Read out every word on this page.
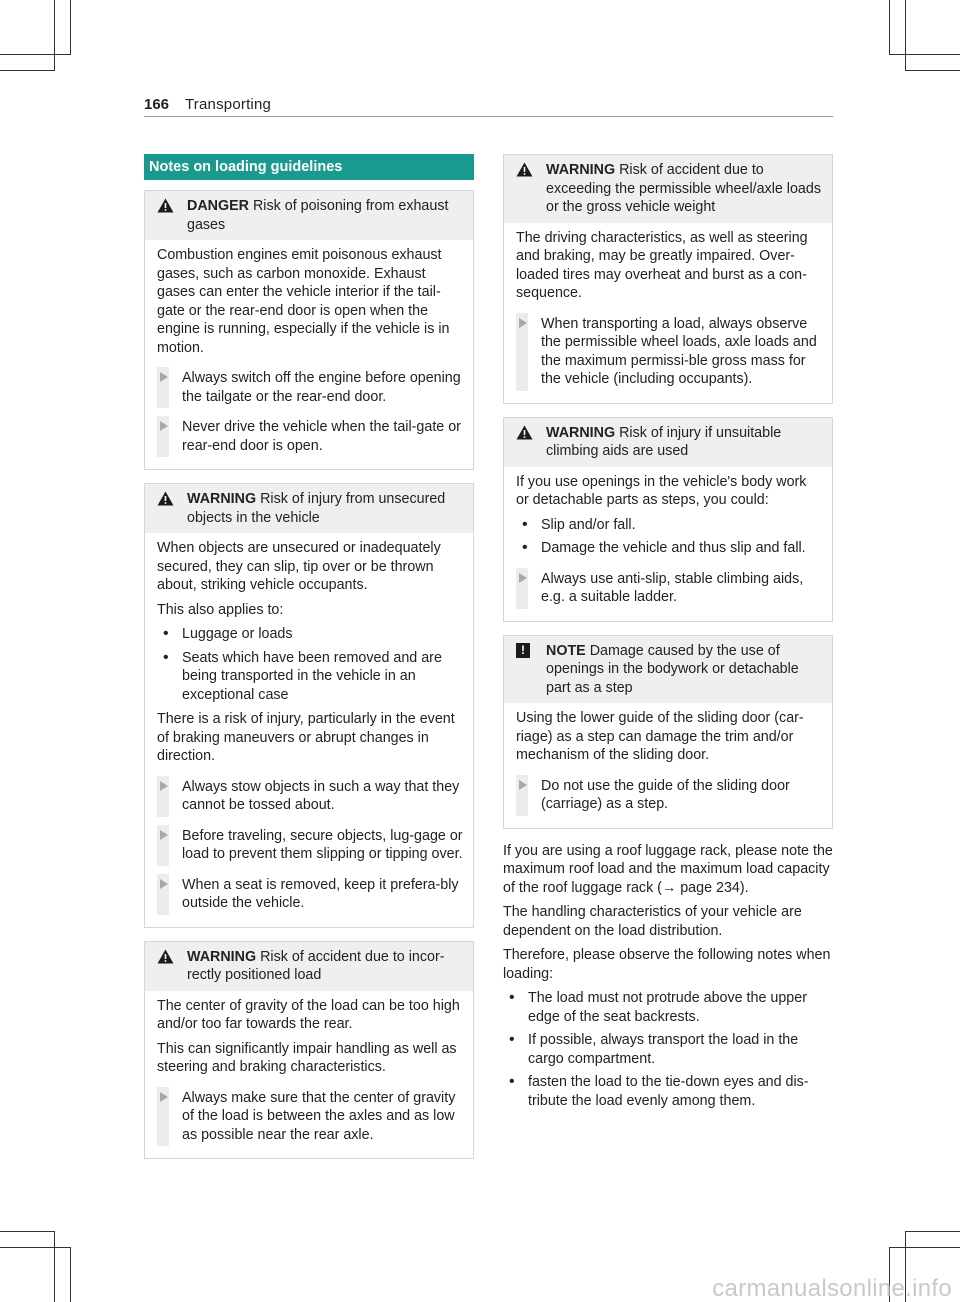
166 Transporting
Notes on loading guidelines
DANGER Risk of poisoning from exhaust gases

Combustion engines emit poisonous exhaust gases, such as carbon monoxide. Exhaust gases can enter the vehicle interior if the tail-gate or the rear-end door is open when the engine is running, especially if the vehicle is in motion.

Always switch off the engine before opening the tailgate or the rear-end door.
Never drive the vehicle when the tail-gate or rear-end door is open.
WARNING Risk of injury from unsecured objects in the vehicle

When objects are unsecured or inadequately secured, they can slip, tip over or be thrown about, striking vehicle occupants.

This also applies to:

• Luggage or loads
• Seats which have been removed and are being transported in the vehicle in an exceptional case

There is a risk of injury, particularly in the event of braking maneuvers or abrupt changes in direction.

Always stow objects in such a way that they cannot be tossed about.
Before traveling, secure objects, lug-gage or load to prevent them slipping or tipping over.
When a seat is removed, keep it prefera-bly outside the vehicle.
WARNING Risk of accident due to incor-rectly positioned load

The center of gravity of the load can be too high and/or too far towards the rear.

This can significantly impair handling as well as steering and braking characteristics.

Always make sure that the center of gravity of the load is between the axles and as low as possible near the rear axle.
WARNING Risk of accident due to exceeding the permissible wheel/axle loads or the gross vehicle weight

The driving characteristics, as well as steering and braking, may be greatly impaired. Over-loaded tires may overheat and burst as a con-sequence.

When transporting a load, always observe the permissible wheel loads, axle loads and the maximum permissi-ble gross mass for the vehicle (including occupants).
WARNING Risk of injury if unsuitable climbing aids are used

If you use openings in the vehicle's body work or detachable parts as steps, you could:

• Slip and/or fall.
• Damage the vehicle and thus slip and fall.
Always use anti-slip, stable climbing aids, e.g. a suitable ladder.
!	NOTE Damage caused by the use of openings in the bodywork or detachable part as a step

Using the lower guide of the sliding door (car-riage) as a step can damage the trim and/or mechanism of the sliding door.

Do not use the guide of the sliding door (carriage) as a step.

If you are using a roof luggage rack, please note the maximum roof load and the maximum load capacity of the roof luggage rack (→ page 234).

The handling characteristics of your vehicle are dependent on the load distribution.

Therefore, please observe the following notes when loading:

• The load must not protrude above the upper edge of the seat backrests.
• If possible, always transport the load in the cargo compartment.
• fasten the load to the tie-down eyes and dis-tribute the load evenly among them.
carmanualsonline.info
